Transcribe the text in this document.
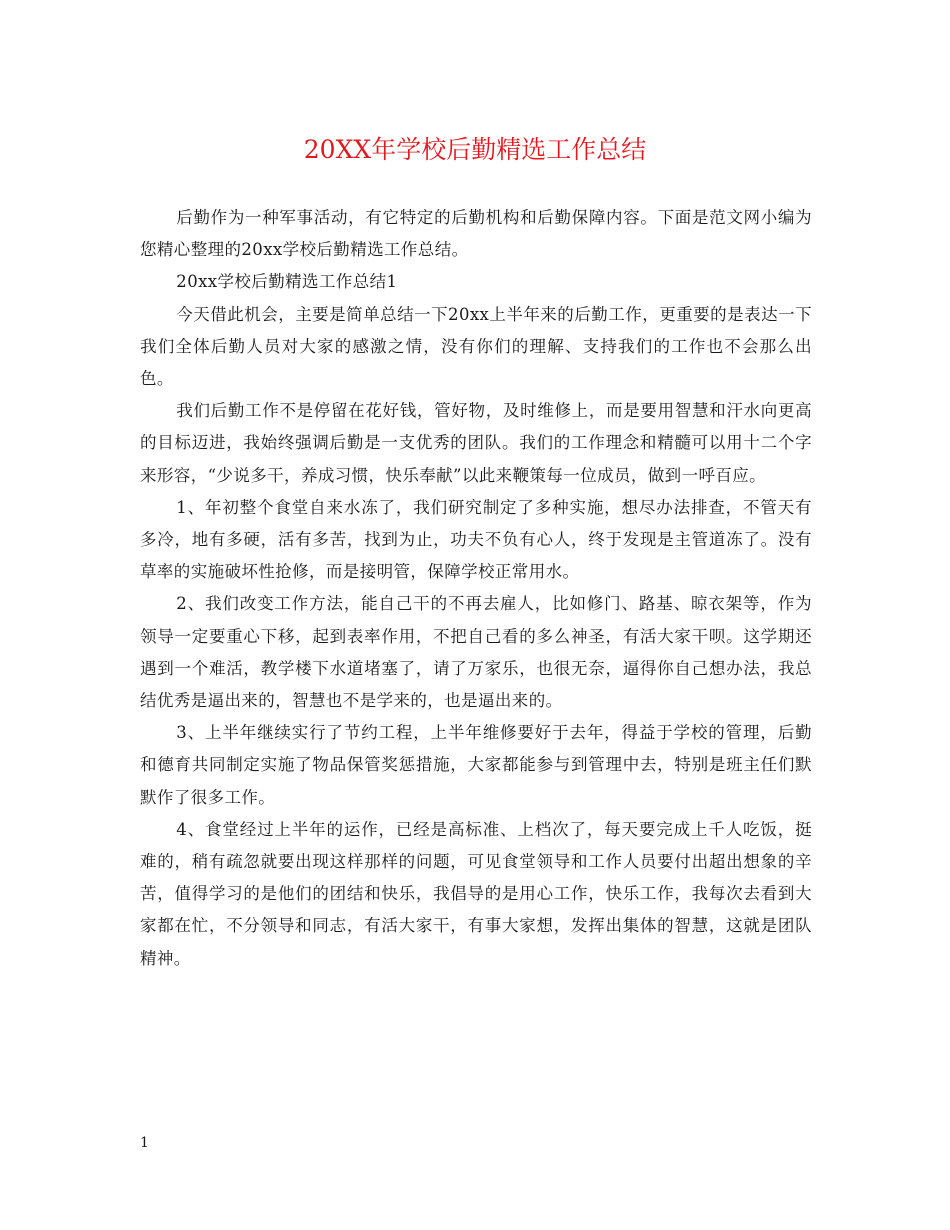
20XX年学校后勤精选工作总结

后勤作为一种军事活动，有它特定的后勤机构和后勤保障内容。下面是范文网小编为您精心整理的20xx学校后勤精选工作总结。

20xx学校后勤精选工作总结1

今天借此机会，主要是简单总结一下20xx上半年来的后勤工作，更重要的是表达一下我们全体后勤人员对大家的感激之情，没有你们的理解、支持我们的工作也不会那么出色。

我们后勤工作不是停留在花好钱，管好物，及时维修上，而是要用智慧和汗水向更高的目标迈进，我始终强调后勤是一支优秀的团队。我们的工作理念和精髓可以用十二个字来形容，“少说多干，养成习惯，快乐奉献”以此来鞭策每一位成员，做到一呼百应。

1、年初整个食堂自来水冻了，我们研究制定了多种实施，想尽办法排查，不管天有多冷，地有多硬，活有多苦，找到为止，功夫不负有心人，终于发现是主管道冻了。没有草率的实施破坏性抢修，而是接明管，保障学校正常用水。

2、我们改变工作方法，能自己干的不再去雇人，比如修门、路基、晾衣架等，作为领导一定要重心下移，起到表率作用，不把自己看的多么神圣，有活大家干呗。这学期还遇到一个难活，教学楼下水道堵塞了，请了万家乐，也很无奈，逼得你自己想办法，我总结优秀是逼出来的，智慧也不是学来的，也是逼出来的。

3、上半年继续实行了节约工程，上半年维修要好于去年，得益于学校的管理，后勤和德育共同制定实施了物品保管奖惩措施，大家都能参与到管理中去，特别是班主任们默默作了很多工作。

4、食堂经过上半年的运作，已经是高标准、上档次了，每天要完成上千人吃饭，挺难的，稍有疏忽就要出现这样那样的问题，可见食堂领导和工作人员要付出超出想象的辛苦，值得学习的是他们的团结和快乐，我倡导的是用心工作，快乐工作，我每次去看到大家都在忙，不分领导和同志，有活大家干，有事大家想，发挥出集体的智慧，这就是团队精神。

1
